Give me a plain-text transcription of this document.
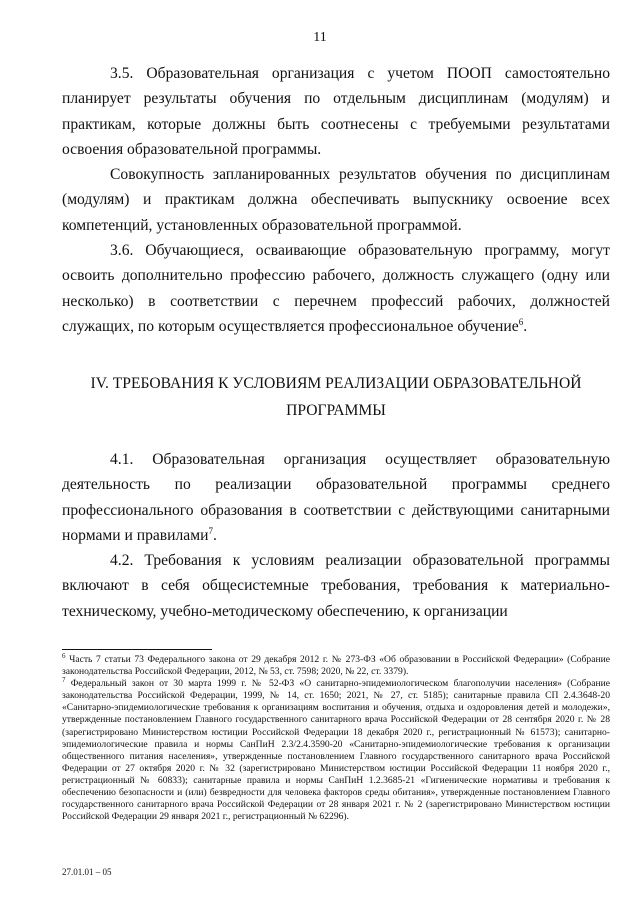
11

3.5. Образовательная организация с учетом ПООП самостоятельно планирует результаты обучения по отдельным дисциплинам (модулям) и практикам, которые должны быть соотнесены с требуемыми результатами освоения образовательной программы.

Совокупность запланированных результатов обучения по дисциплинам (модулям) и практикам должна обеспечивать выпускнику освоение всех компетенций, установленных образовательной программой.

3.6. Обучающиеся, осваивающие образовательную программу, могут освоить дополнительно профессию рабочего, должность служащего (одну или несколько) в соответствии с перечнем профессий рабочих, должностей служащих, по которым осуществляется профессиональное обучение$^6$.

IV. ТРЕБОВАНИЯ К УСЛОВИЯМ РЕАЛИЗАЦИИ ОБРАЗОВАТЕЛЬНОЙ
ПРОГРАММЫ

4.1. Образовательная организация осуществляет образовательную деятельность по реализации образовательной программы среднего профессионального образования в соответствии с действующими санитарными нормами и правилами$^7$.

4.2. Требования к условиям реализации образовательной программы включают в себя общесистемные требования, требования к материально-техническому, учебно-методическому обеспечению, к организации

$^6$ Часть 7 статьи 73 Федерального закона от 29 декабря 2012 г. № 273-ФЗ «Об образовании в Российской Федерации» (Собрание законодательства Российской Федерации, 2012, № 53, ст. 7598; 2020, № 22, ст. 3379).

$^7$ Федеральный закон от 30 марта 1999 г. № 52-ФЗ «О санитарно-эпидемиологическом благополучии населения» (Собрание законодательства Российской Федерации, 1999, № 14, ст. 1650; 2021, № 27, ст. 5185); санитарные правила СП 2.4.3648-20 «Санитарно-эпидемиологические требования к организациям воспитания и обучения, отдыха и оздоровления детей и молодежи», утвержденные постановлением Главного государственного санитарного врача Российской Федерации от 28 сентября 2020 г. № 28 (зарегистрировано Министерством юстиции Российской Федерации 18 декабря 2020 г., регистрационный № 61573); санитарно-эпидемиологические правила и нормы СанПиН 2.3/2.4.3590-20 «Санитарно-эпидемиологические требования к организации общественного питания населения», утвержденные постановлением Главного государственного санитарного врача Российской Федерации от 27 октября 2020 г. № 32 (зарегистрировано Министерством юстиции Российской Федерации 11 ноября 2020 г., регистрационный № 60833); санитарные правила и нормы СанПиН 1.2.3685-21 «Гигиенические нормативы и требования к обеспечению безопасности и (или) безвредности для человека факторов среды обитания», утвержденные постановлением Главного государственного санитарного врача Российской Федерации от 28 января 2021 г. № 2 (зарегистрировано Министерством юстиции Российской Федерации 29 января 2021 г., регистрационный № 62296).

27.01.01 – 05
